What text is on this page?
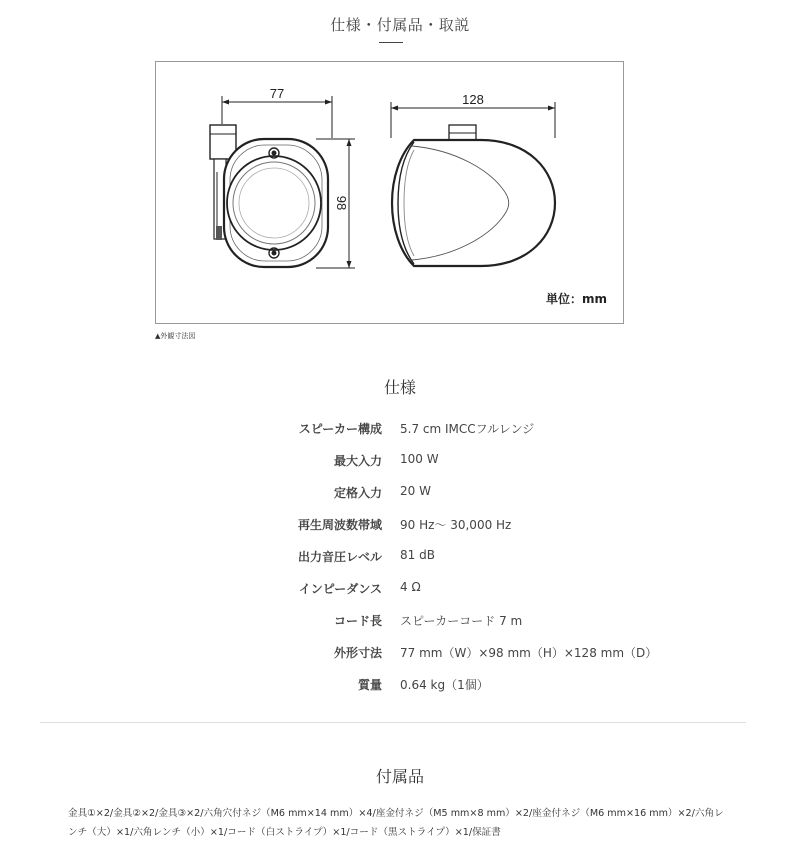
仕様・付属品・取説
77	128
98
単位：mm
▲外観寸法図
仕様
スピーカー構成 5.7 cm IMCCフルレンジ
最大入力 100 W
定格入力 20 W
再生周波数帯域 90 Hz～ 30,000 Hz
出力音圧レベル 81 dB
インピーダンス 4 Ω
コード長 スピーカーコード 7 m
外形寸法 77 mm（W）×98 mm（H）×128 mm（D）
質量 0.64 kg（1個）
付属品
金具①×2/金具②×2/金具③×2/六角穴付ネジ（M6 mm×14 mm）×4/座金付ネジ（M5 mm×8 mm）×2/座金付ネジ（M6 mm×16 mm）×2/六角レンチ（大）×1/六角レンチ（小）×1/コード（白ストライプ）×1/コード（黒ストライプ）×1/保証書
